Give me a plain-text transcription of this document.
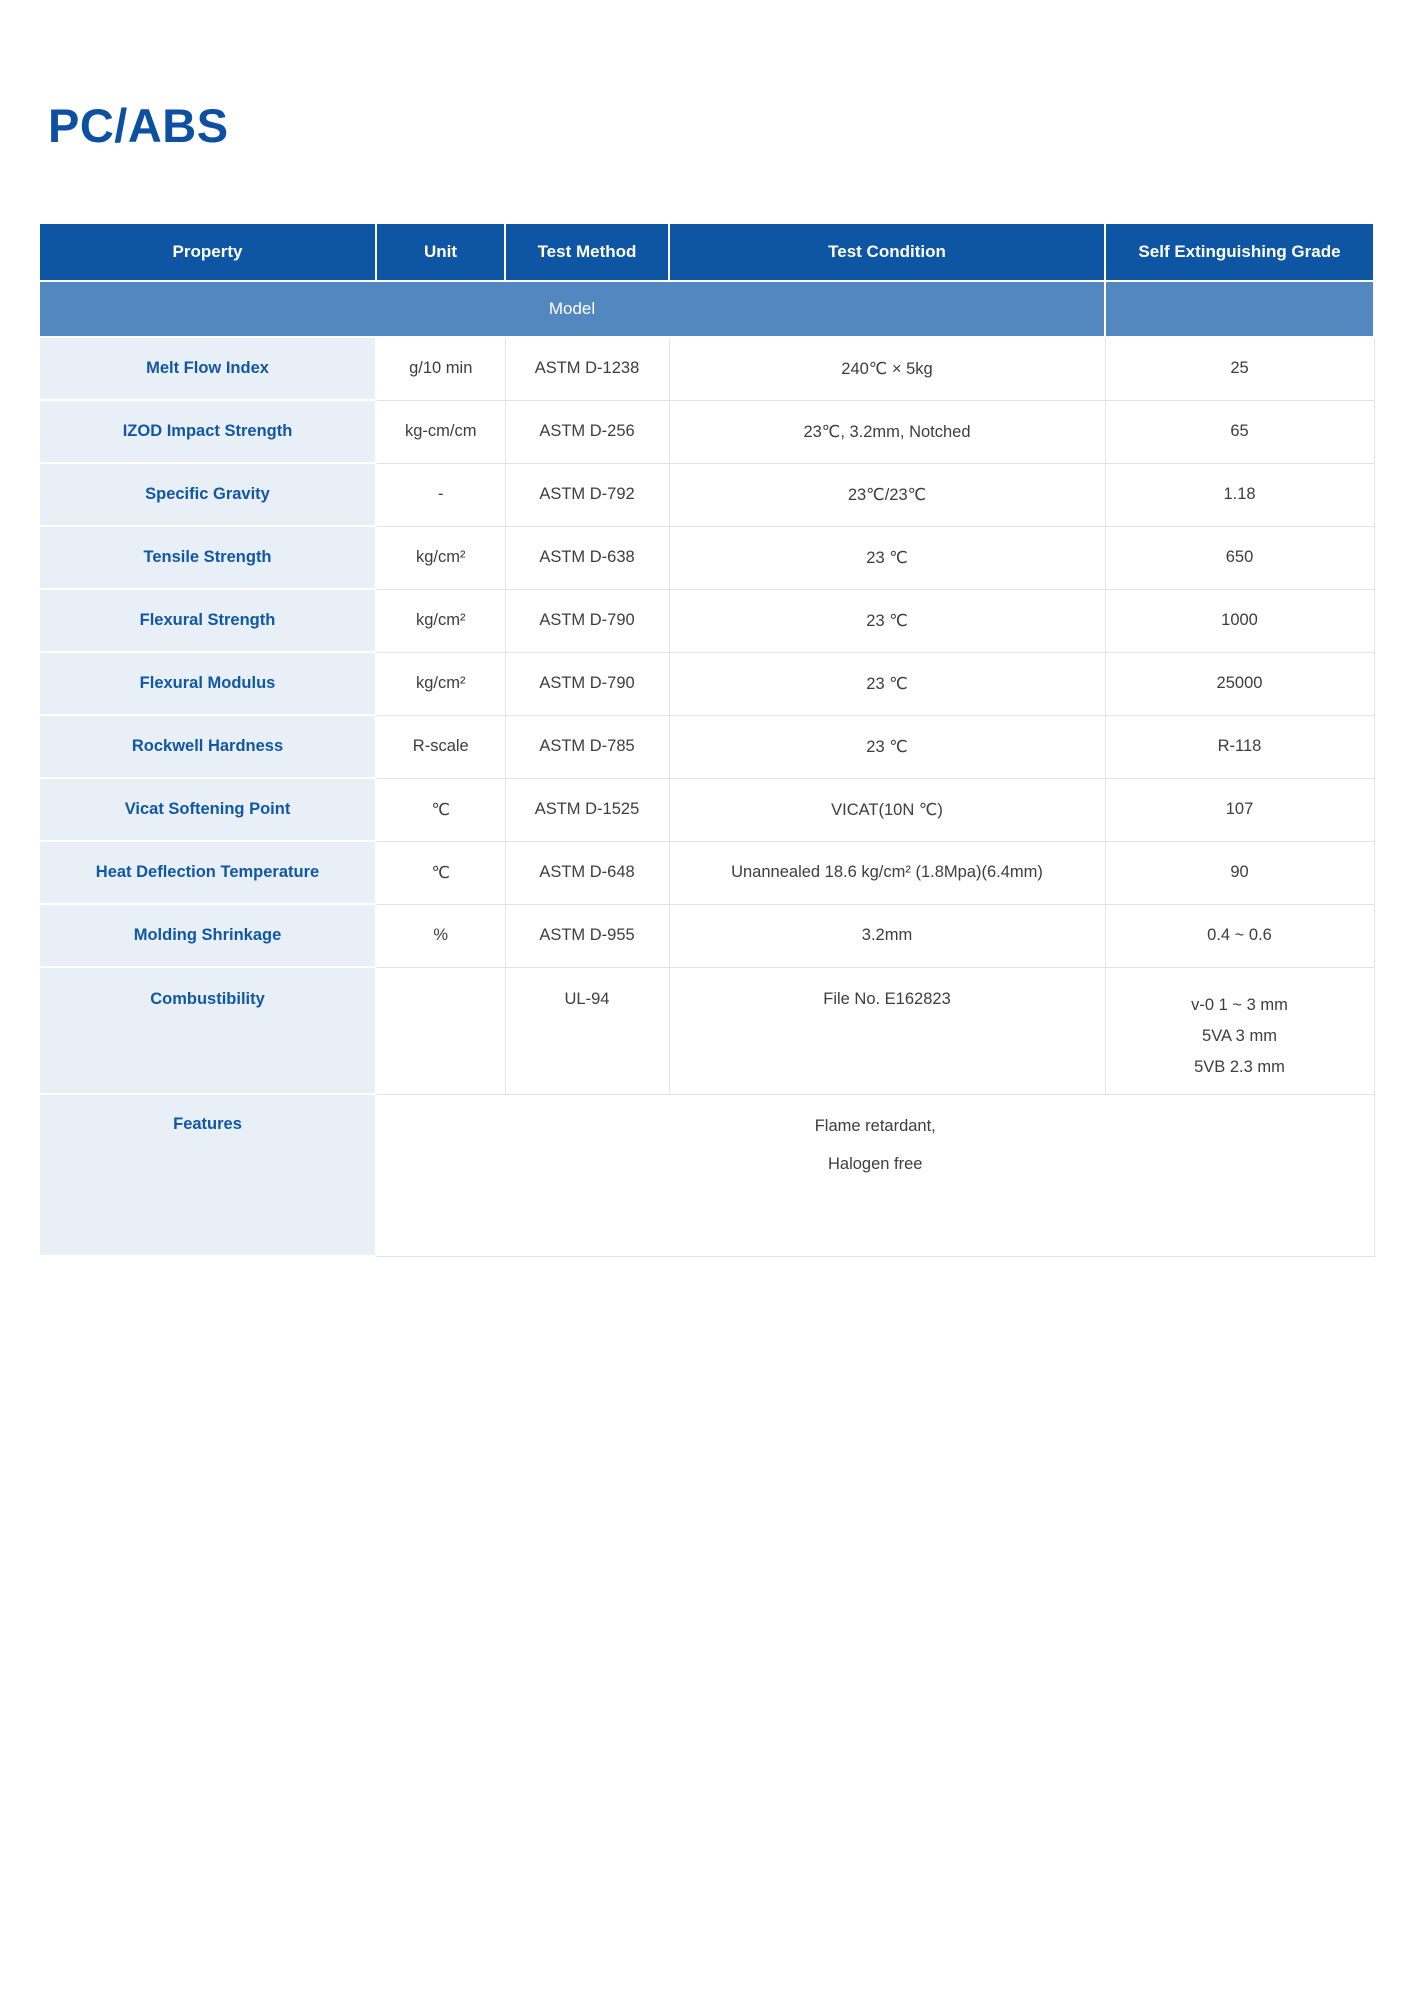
PC/ABS
Property	Unit	Test Method	Test Condition	Self Extinguishing Grade
Model				
Melt Flow Index	g/10 min	ASTM D-1238	240℃ × 5kg	25
IZOD Impact Strength	kg-cm/cm	ASTM D-256	23℃, 3.2mm, Notched	65
Specific Gravity	-	ASTM D-792	23℃/23℃	1.18
Tensile Strength	kg/cm²	ASTM D-638	23 ℃	650
Flexural Strength	kg/cm²	ASTM D-790	23 ℃	1000
Flexural Modulus	kg/cm²	ASTM D-790	23 ℃	25000
Rockwell Hardness	R-scale	ASTM D-785	23 ℃	R-118
Vicat Softening Point	℃	ASTM D-1525	VICAT(10N ℃)	107
Heat Deflection Temperature	℃	ASTM D-648	Unannealed 18.6 kg/cm² (1.8Mpa)(6.4mm)	90
Molding Shrinkage	%	ASTM D-955	3.2mm	0.4 ~ 0.6
Combustibility		UL-94	File No. E162823	v-0 1 ~ 3 mm
5VA 3 mm
5VB 2.3 mm

Features	Flame retardant,
Halogen free			
